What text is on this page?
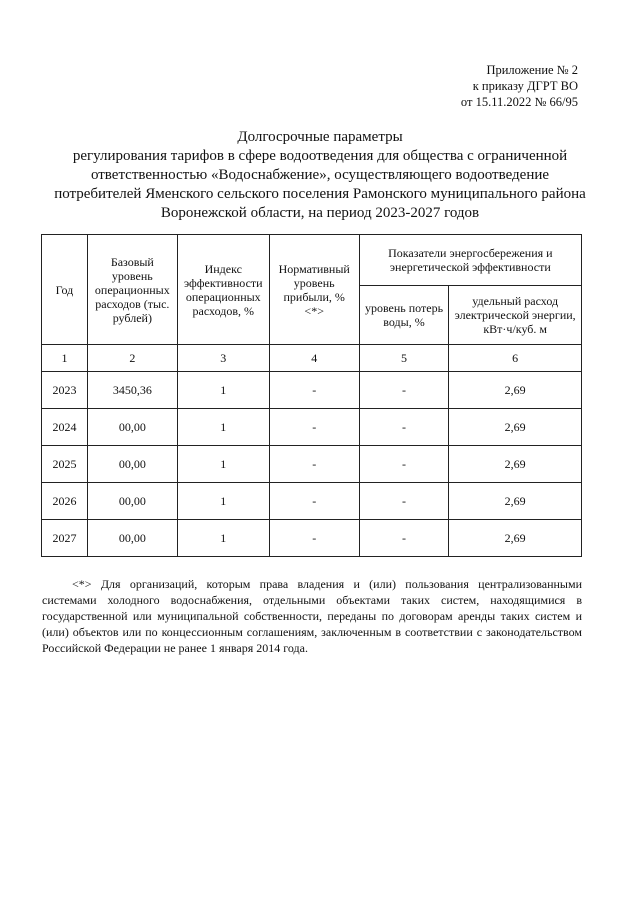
Приложение № 2
к приказу ДГРТ ВО
от 15.11.2022 № 66/95
Долгосрочные параметры
регулирования тарифов в сфере водоотведения для общества с ограниченной
ответственностью «Водоснабжение», осуществляющего водоотведение
потребителей Яменского сельского поселения Рамонского муниципального района
Воронежской области, на период 2023-2027 годов
Год	Базовый уровень операционных расходов (тыс. рублей)	Индекс эффективности операционных расходов, %	Нормативный уровень прибыли, % <*>	Показатели энергосбережения и энергетической эффективности	
				уровень потерь воды, %	удельный расход электрической энергии, кВт·ч/куб. м
1	2	3	4	5	6
2023	3450,36	1	-	-	2,69
2024	00,00	1	-	-	2,69
2025	00,00	1	-	-	2,69
2026	00,00	1	-	-	2,69
2027	00,00	1	-	-	2,69
<*> Для организаций, которым права владения и (или) пользования централизованными системами холодного водоснабжения, отдельными объектами таких систем, находящимися в государственной или муниципальной собственности, переданы по договорам аренды таких систем и (или) объектов или по концессионным соглашениям, заключенным в соответствии с законодательством Российской Федерации не ранее 1 января 2014 года.
